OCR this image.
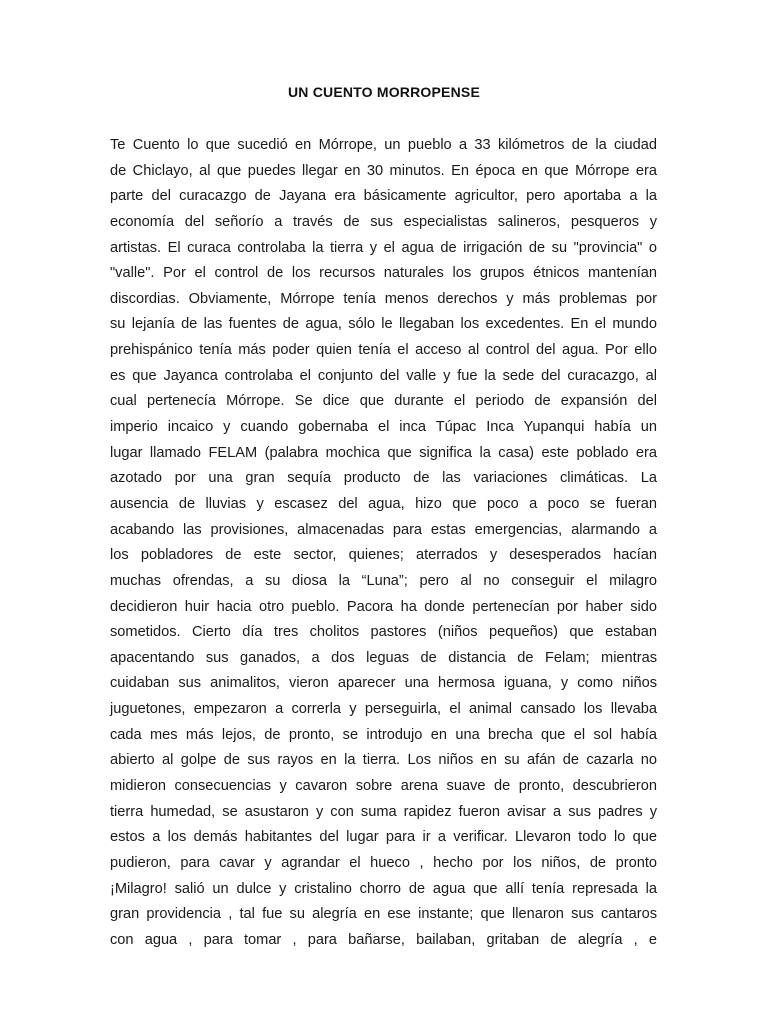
UN CUENTO MORROPENSE
Te Cuento lo que sucedió en Mórrope, un pueblo a 33 kilómetros de la ciudad
de Chiclayo, al que puedes llegar en 30 minutos. En época en que Mórrope era
parte del curacazgo de Jayana era básicamente agricultor, pero aportaba a la
economía del señorío a través de sus especialistas salineros, pesqueros y
artistas. El curaca controlaba la tierra y el agua de irrigación de su "provincia" o
"valle". Por el control de los recursos naturales los grupos étnicos mantenían
discordias. Obviamente, Mórrope tenía menos derechos y más problemas por
su lejanía de las fuentes de agua, sólo le llegaban los excedentes. En el mundo
prehispánico tenía más poder quien tenía el acceso al control del agua. Por ello
es que Jayanca controlaba el conjunto del valle y fue la sede del curacazgo, al
cual pertenecía Mórrope. Se dice que durante el periodo de expansión del
imperio incaico y cuando gobernaba el inca Túpac Inca Yupanqui había un
lugar llamado FELAM (palabra mochica que significa la casa) este poblado era
azotado por una gran sequía producto de las variaciones climáticas. La
ausencia de lluvias y escasez del agua, hizo que poco a poco se fueran
acabando las provisiones, almacenadas para estas emergencias, alarmando a
los pobladores de este sector, quienes; aterrados y desesperados hacían
muchas ofrendas, a su diosa la “Luna”; pero al no conseguir el milagro
decidieron huir hacia otro pueblo. Pacora ha donde pertenecían por haber sido
sometidos. Cierto día tres cholitos pastores (niños pequeños) que estaban
apacentando sus ganados, a dos leguas de distancia de Felam; mientras
cuidaban sus animalitos, vieron aparecer una hermosa iguana, y como niños
juguetones, empezaron a correrla y perseguirla, el animal cansado los llevaba
cada mes más lejos, de pronto, se introdujo en una brecha que el sol había
abierto al golpe de sus rayos en la tierra. Los niños en su afán de cazarla no
midieron consecuencias y cavaron sobre arena suave de pronto, descubrieron
tierra humedad, se asustaron y con suma rapidez fueron avisar a sus padres y
estos a los demás habitantes del lugar para ir a verificar. Llevaron todo lo que
pudieron, para cavar y agrandar el hueco , hecho por los niños, de pronto
¡Milagro! salió un dulce y cristalino chorro de agua que allí tenía represada la
gran providencia , tal fue su alegría en ese instante; que llenaron sus cantaros
con agua , para tomar , para bañarse, bailaban, gritaban de alegría , e
